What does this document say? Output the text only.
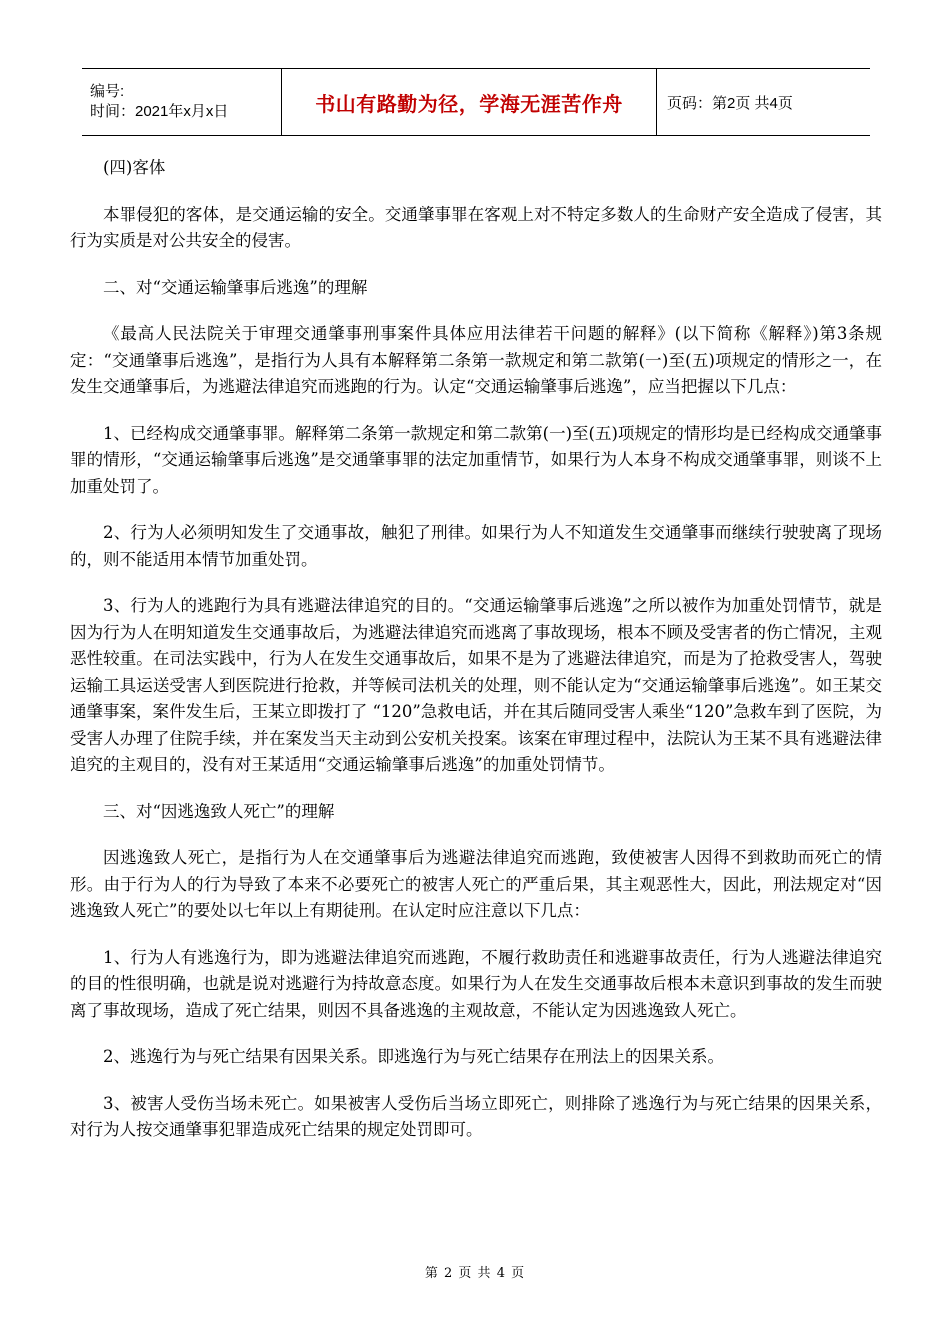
编号:
时间：2021年x月x日	书山有路勤为径，学海无涯苦作舟	页码：第2页 共4页

(四)客体

本罪侵犯的客体，是交通运输的安全。交通肇事罪在客观上对不特定多数人的生命财产安全造成了侵害，其行为实质是对公共安全的侵害。

二、对“交通运输肇事后逃逸”的理解

《最高人民法院关于审理交通肇事刑事案件具体应用法律若干问题的解释》(以下简称《解释》)第3条规定：“交通肇事后逃逸”，是指行为人具有本解释第二条第一款规定和第二款第(一)至(五)项规定的情形之一，在发生交通肇事后，为逃避法律追究而逃跑的行为。认定“交通运输肇事后逃逸”，应当把握以下几点：

1、已经构成交通肇事罪。解释第二条第一款规定和第二款第(一)至(五)项规定的情形均是已经构成交通肇事罪的情形，“交通运输肇事后逃逸”是交通肇事罪的法定加重情节，如果行为人本身不构成交通肇事罪，则谈不上加重处罚了。

2、行为人必须明知发生了交通事故，触犯了刑律。如果行为人不知道发生交通肇事而继续行驶驶离了现场的，则不能适用本情节加重处罚。

3、行为人的逃跑行为具有逃避法律追究的目的。“交通运输肇事后逃逸”之所以被作为加重处罚情节，就是因为行为人在明知道发生交通事故后，为逃避法律追究而逃离了事故现场，根本不顾及受害者的伤亡情况，主观恶性较重。在司法实践中，行为人在发生交通事故后，如果不是为了逃避法律追究，而是为了抢救受害人，驾驶运输工具运送受害人到医院进行抢救，并等候司法机关的处理，则不能认定为“交通运输肇事后逃逸”。如王某交通肇事案，案件发生后，王某立即拨打了 “120”急救电话，并在其后随同受害人乘坐“120”急救车到了医院，为受害人办理了住院手续，并在案发当天主动到公安机关投案。该案在审理过程中，法院认为王某不具有逃避法律追究的主观目的，没有对王某适用“交通运输肇事后逃逸”的加重处罚情节。

三、对“因逃逸致人死亡”的理解

因逃逸致人死亡，是指行为人在交通肇事后为逃避法律追究而逃跑，致使被害人因得不到救助而死亡的情形。由于行为人的行为导致了本来不必要死亡的被害人死亡的严重后果，其主观恶性大，因此，刑法规定对“因逃逸致人死亡”的要处以七年以上有期徒刑。在认定时应注意以下几点：

1、行为人有逃逸行为，即为逃避法律追究而逃跑，不履行救助责任和逃避事故责任，行为人逃避法律追究的目的性很明确，也就是说对逃避行为持故意态度。如果行为人在发生交通事故后根本未意识到事故的发生而驶离了事故现场，造成了死亡结果，则因不具备逃逸的主观故意，不能认定为因逃逸致人死亡。

2、逃逸行为与死亡结果有因果关系。即逃逸行为与死亡结果存在刑法上的因果关系。

3、被害人受伤当场未死亡。如果被害人受伤后当场立即死亡，则排除了逃逸行为与死亡结果的因果关系，对行为人按交通肇事犯罪造成死亡结果的规定处罚即可。

第 2 页 共 4 页
